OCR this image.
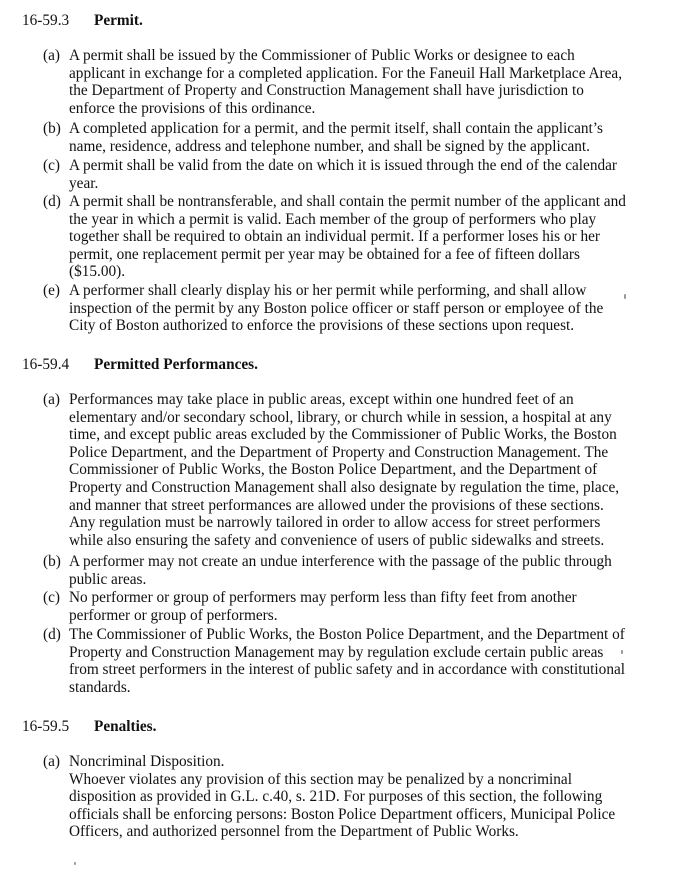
16-59.3 Permit.
(a) A permit shall be issued by the Commissioner of Public Works or designee to each applicant in exchange for a completed application. For the Faneuil Hall Marketplace Area, the Department of Property and Construction Management shall have jurisdiction to enforce the provisions of this ordinance.
(b) A completed application for a permit, and the permit itself, shall contain the applicant’s name, residence, address and telephone number, and shall be signed by the applicant.
(c) A permit shall be valid from the date on which it is issued through the end of the calendar year.
(d) A permit shall be nontransferable, and shall contain the permit number of the applicant and the year in which a permit is valid. Each member of the group of performers who play together shall be required to obtain an individual permit. If a performer loses his or her permit, one replacement permit per year may be obtained for a fee of fifteen dollars ($15.00).
(e) A performer shall clearly display his or her permit while performing, and shall allow inspection of the permit by any Boston police officer or staff person or employee of the City of Boston authorized to enforce the provisions of these sections upon request.
16-59.4 Permitted Performances.
(a) Performances may take place in public areas, except within one hundred feet of an elementary and/or secondary school, library, or church while in session, a hospital at any time, and except public areas excluded by the Commissioner of Public Works, the Boston Police Department, and the Department of Property and Construction Management. The Commissioner of Public Works, the Boston Police Department, and the Department of Property and Construction Management shall also designate by regulation the time, place, and manner that street performances are allowed under the provisions of these sections. Any regulation must be narrowly tailored in order to allow access for street performers while also ensuring the safety and convenience of users of public sidewalks and streets.
(b) A performer may not create an undue interference with the passage of the public through public areas.
(c) No performer or group of performers may perform less than fifty feet from another performer or group of performers.
(d) The Commissioner of Public Works, the Boston Police Department, and the Department of Property and Construction Management may by regulation exclude certain public areas from street performers in the interest of public safety and in accordance with constitutional standards.
16-59.5 Penalties.
(a) Noncriminal Disposition.
Whoever violates any provision of this section may be penalized by a noncriminal disposition as provided in G.L. c.40, s. 21D. For purposes of this section, the following officials shall be enforcing persons: Boston Police Department officers, Municipal Police Officers, and authorized personnel from the Department of Public Works.
